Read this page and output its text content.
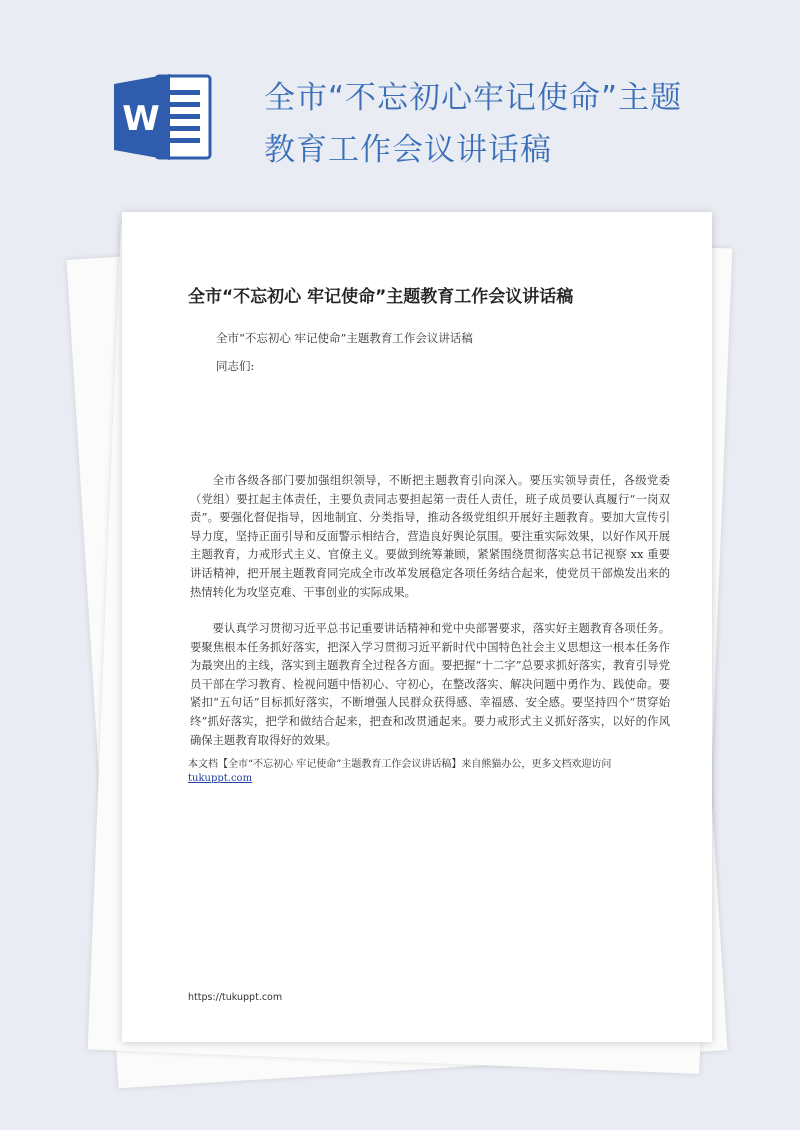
W
全市“不忘初心牢记使命”主题教育工作会议讲话稿
全市“不忘初心 牢记使命”主题教育工作会议讲话稿
全市“不忘初心 牢记使命”主题教育工作会议讲话稿
同志们:

全市各级各部门要加强组织领导，不断把主题教育引向深入。要压实领导责任，各级党委（党组）要扛起主体责任，主要负责同志要担起第一责任人责任，班子成员要认真履行“一岗双责”。要强化督促指导，因地制宜、分类指导，推动各级党组织开展好主题教育。要加大宣传引导力度，坚持正面引导和反面警示相结合，营造良好舆论氛围。要注重实际效果，以好作风开展主题教育，力戒形式主义、官僚主义。要做到统筹兼顾，紧紧围绕贯彻落实总书记视察 xx 重要讲话精神，把开展主题教育同完成全市改革发展稳定各项任务结合起来，使党员干部焕发出来的热情转化为攻坚克难、干事创业的实际成果。

要认真学习贯彻习近平总书记重要讲话精神和党中央部署要求，落实好主题教育各项任务。要聚焦根本任务抓好落实，把深入学习贯彻习近平新时代中国特色社会主义思想这一根本任务作为最突出的主线，落实到主题教育全过程各方面。要把握“十二字”总要求抓好落实，教育引导党员干部在学习教育、检视问题中悟初心、守初心，在整改落实、解决问题中勇作为、践使命。要紧扣“五句话”目标抓好落实，不断增强人民群众获得感、幸福感、安全感。要坚持四个“贯穿始终”抓好落实，把学和做结合起来，把查和改贯通起来。要力戒形式主义抓好落实，以好的作风确保主题教育取得好的效果。

本文档【全市“不忘初心 牢记使命”主题教育工作会议讲话稿】来自熊猫办公，更多文档欢迎访问
tukuppt.com
https://tukuppt.com
